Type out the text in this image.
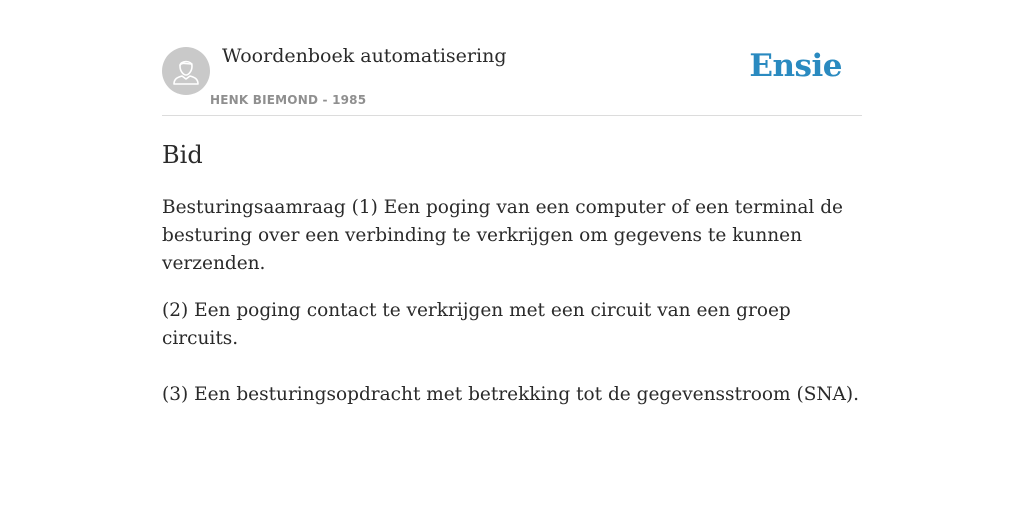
Woordenboek automatisering
HENK BIEMOND - 1985
Ensie
Bid

Besturingsaamraag (1) Een poging van een computer of een terminal de besturing over een verbinding te verkrijgen om gegevens te kunnen verzenden.

(2) Een poging contact te verkrijgen met een circuit van een groep circuits.

(3) Een besturingsopdracht met betrekking tot de gegevensstroom (SNA).
